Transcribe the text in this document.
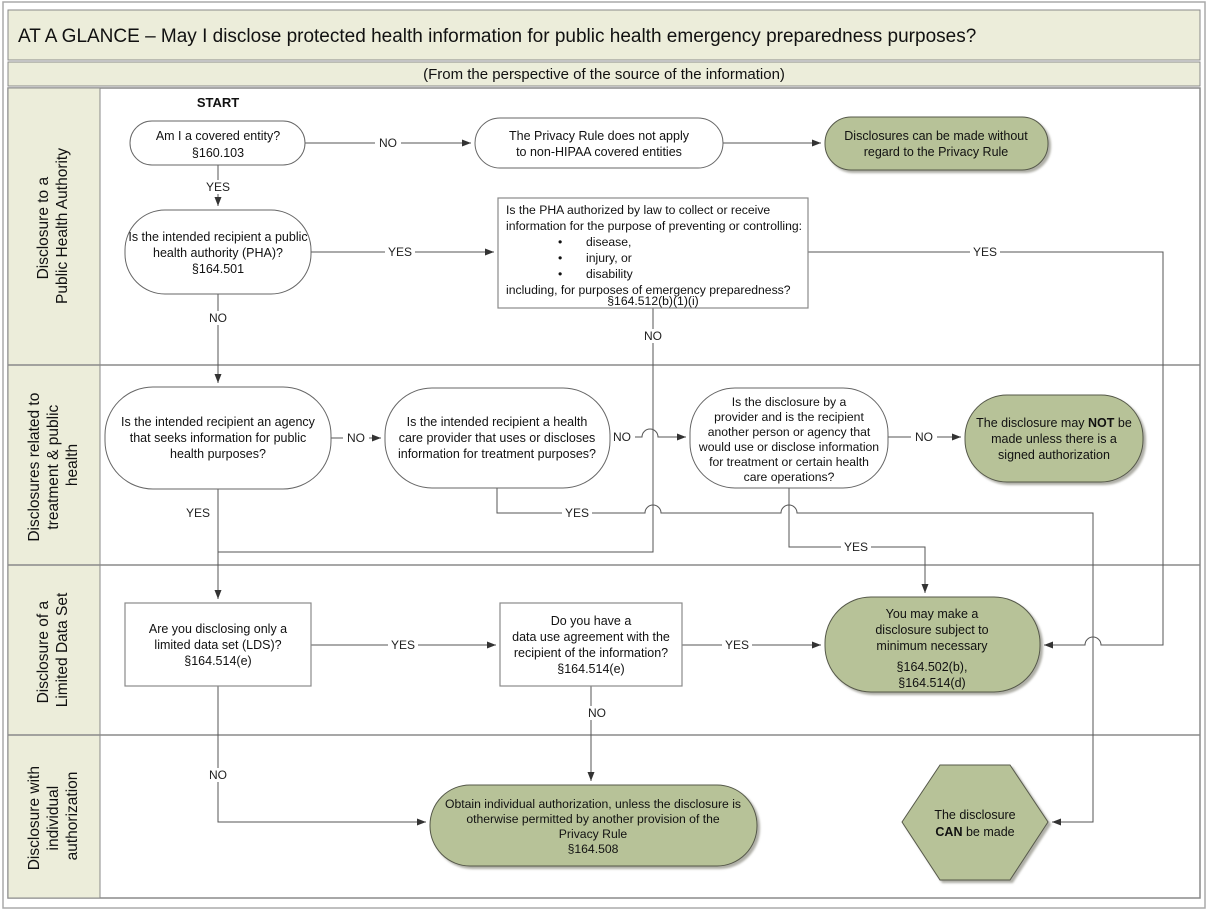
AT A GLANCE – May I disclose protected health information for public health emergency preparedness purposes?
(From the perspective of the source of the information)
Disclosure to a Public Health Authority
Disclosures related to treatment & public health
Disclosure of a Limited Data Set
Disclosure with individual authorization
YES
NO
YES	YES
NO
NO
NO	NO	NO
YES	YES
YES
YES
YES
NO
NO
START
Am I a covered entity?
§160.103
The Privacy Rule does not apply
to non-HIPAA covered entities
Disclosures can be made without
regard to the Privacy Rule
Is the intended recipient a public
health authority (PHA)?
§164.501
Is the PHA authorized by law to collect or receive
information for the purpose of preventing or controlling:
• disease,
• injury, or
• disability
including, for purposes of emergency preparedness?
§164.512(b)(1)(i)
Is the intended recipient an agency
that seeks information for public
health purposes?
Is the intended recipient a health
care provider that uses or discloses
information for treatment purposes?
Is the disclosure by a
provider and is the recipient
another person or agency that
would use or disclose information
for treatment or certain health
care operations?
The disclosure may NOT be
made unless there is a
signed authorization
Are you disclosing only a
limited data set (LDS)?
§164.514(e)
Do you have a
data use agreement with the
recipient of the information?
§164.514(e)
You may make a
disclosure subject to
minimum necessary
§164.502(b),
§164.514(d)
Obtain individual authorization, unless the disclosure is
otherwise permitted by another provision of the
Privacy Rule
§164.508
The disclosure
CAN be made
